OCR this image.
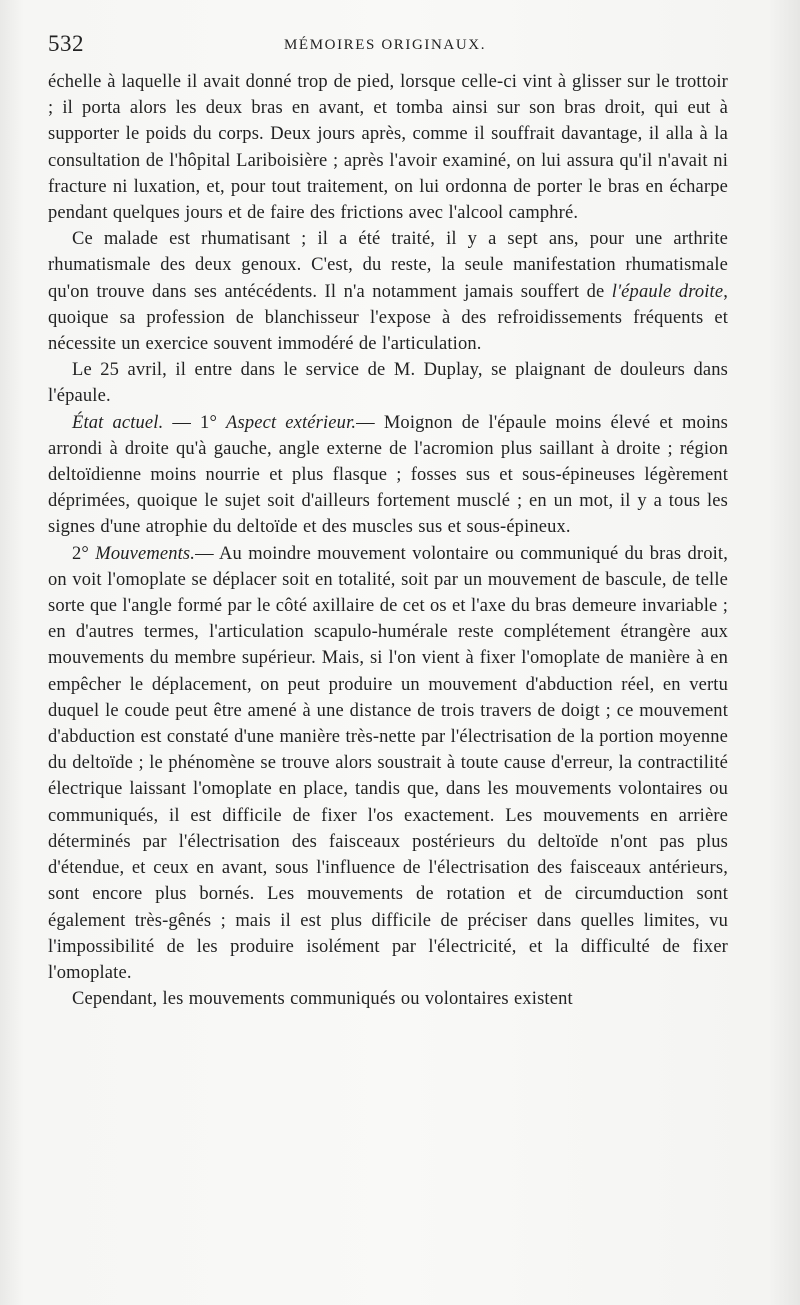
532	MÉMOIRES ORIGINAUX.

échelle à laquelle il avait donné trop de pied, lorsque celle-ci vint à glisser sur le trottoir ; il porta alors les deux bras en avant, et tomba ainsi sur son bras droit, qui eut à supporter le poids du corps. Deux jours après, comme il souffrait davantage, il alla à la consultation de l'hôpital Lariboisière ; après l'avoir examiné, on lui assura qu'il n'avait ni fracture ni luxation, et, pour tout traitement, on lui ordonna de porter le bras en écharpe pendant quelques jours et de faire des frictions avec l'alcool camphré.

Ce malade est rhumatisant ; il a été traité, il y a sept ans, pour une arthrite rhumatismale des deux genoux. C'est, du reste, la seule manifestation rhumatismale qu'on trouve dans ses antécédents. Il n'a notamment jamais souffert de l'épaule droite, quoique sa profession de blanchisseur l'expose à des refroidissements fréquents et nécessite un exercice souvent immodéré de l'articulation.

Le 25 avril, il entre dans le service de M. Duplay, se plaignant de douleurs dans l'épaule.

État actuel. — 1° Aspect extérieur.— Moignon de l'épaule moins élevé et moins arrondi à droite qu'à gauche, angle externe de l'acromion plus saillant à droite ; région deltoïdienne moins nourrie et plus flasque ; fosses sus et sous-épineuses légèrement déprimées, quoique le sujet soit d'ailleurs fortement musclé ; en un mot, il y a tous les signes d'une atrophie du deltoïde et des muscles sus et sous-épineux.

2° Mouvements.— Au moindre mouvement volontaire ou communiqué du bras droit, on voit l'omoplate se déplacer soit en totalité, soit par un mouvement de bascule, de telle sorte que l'angle formé par le côté axillaire de cet os et l'axe du bras demeure invariable ; en d'autres termes, l'articulation scapulo-humérale reste complétement étrangère aux mouvements du membre supérieur. Mais, si l'on vient à fixer l'omoplate de manière à en empêcher le déplacement, on peut produire un mouvement d'abduction réel, en vertu duquel le coude peut être amené à une distance de trois travers de doigt ; ce mouvement d'abduction est constaté d'une manière très-nette par l'électrisation de la portion moyenne du deltoïde ; le phénomène se trouve alors soustrait à toute cause d'erreur, la contractilité électrique laissant l'omoplate en place, tandis que, dans les mouvements volontaires ou communiqués, il est difficile de fixer l'os exactement. Les mouvements en arrière déterminés par l'électrisation des faisceaux postérieurs du deltoïde n'ont pas plus d'étendue, et ceux en avant, sous l'influence de l'électrisation des faisceaux antérieurs, sont encore plus bornés. Les mouvements de rotation et de circumduction sont également très-gênés ; mais il est plus difficile de préciser dans quelles limites, vu l'impossibilité de les produire isolément par l'électricité, et la difficulté de fixer l'omoplate.

Cependant, les mouvements communiqués ou volontaires existent
